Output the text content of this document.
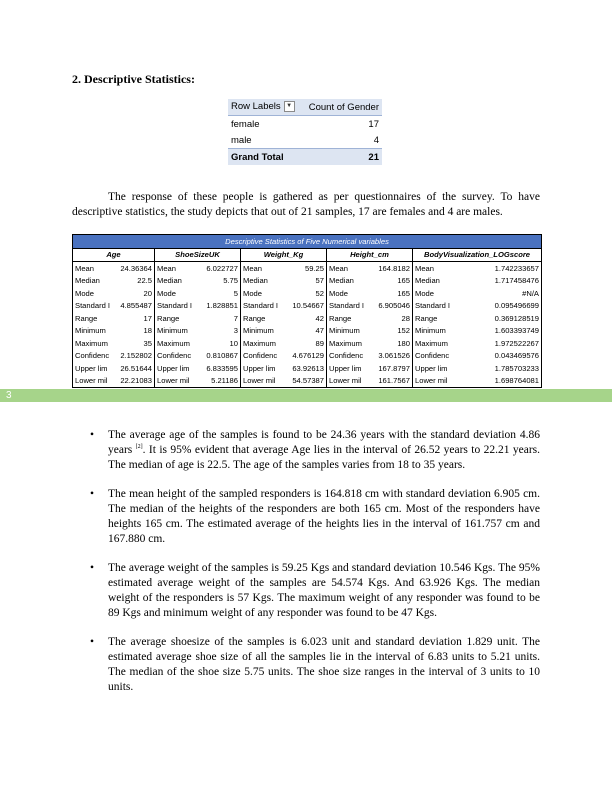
2. Descriptive Statistics:
Row Labels ▼	Count of Gender
female	17
male	4
Grand Total	21
The response of these people is gathered as per questionnaires of the survey. To have descriptive statistics, the study depicts that out of 21 samples, 17 are females and 4 are males.
Descriptive Statistics of Five Numerical variables									
Age		ShoeSizeUK		Weight_Kg		Height_cm		BodyVisualization_LOGscore	
Mean	24.36364	Mean	6.022727	Mean	59.25	Mean	164.8182	Mean	1.742233657
Median	22.5	Median	5.75	Median	57	Median	165	Median	1.717458476
Mode	20	Mode	5	Mode	52	Mode	165	Mode	#N/A
Standard I	4.855487	Standard I	1.828851	Standard I	10.54667	Standard I	6.905046	Standard I	0.095496699
Range	17	Range	7	Range	42	Range	28	Range	0.369128519
Minimum	18	Minimum	3	Minimum	47	Minimum	152	Minimum	1.603393749
Maximum	35	Maximum	10	Maximum	89	Maximum	180	Maximum	1.972522267
Confidenc	2.152802	Confidenc	0.810867	Confidenc	4.676129	Confidenc	3.061526	Confidenc	0.043469576
Upper lim	26.51644	Upper lim	6.833595	Upper lim	63.92613	Upper lim	167.8797	Upper lim	1.785703233
Lower mil	22.21083	Lower mil	5.21186	Lower mil	54.57387	Lower mil	161.7567	Lower mil	1.698764081
3
• The average age of the samples is found to be 24.36 years with the standard deviation 4.86 years [2]. It is 95% evident that average Age lies in the interval of 26.52 years to 22.21 years. The median of age is 22.5. The age of the samples varies from 18 to 35 years.
• The mean height of the sampled responders is 164.818 cm with standard deviation 6.905 cm. The median of the heights of the responders are both 165 cm. Most of the responders have heights 165 cm. The estimated average of the heights lies in the interval of 161.757 cm and 167.880 cm.
• The average weight of the samples is 59.25 Kgs and standard deviation 10.546 Kgs. The 95% estimated average weight of the samples are 54.574 Kgs. And 63.926 Kgs. The median weight of the responders is 57 Kgs. The maximum weight of any responder was found to be 89 Kgs and minimum weight of any responder was found to be 47 Kgs.
• The average shoesize of the samples is 6.023 unit and standard deviation 1.829 unit. The estimated average shoe size of all the samples lie in the interval of 6.83 units to 5.21 units. The median of the shoe size 5.75 units. The shoe size ranges in the interval of 3 units to 10 units.
